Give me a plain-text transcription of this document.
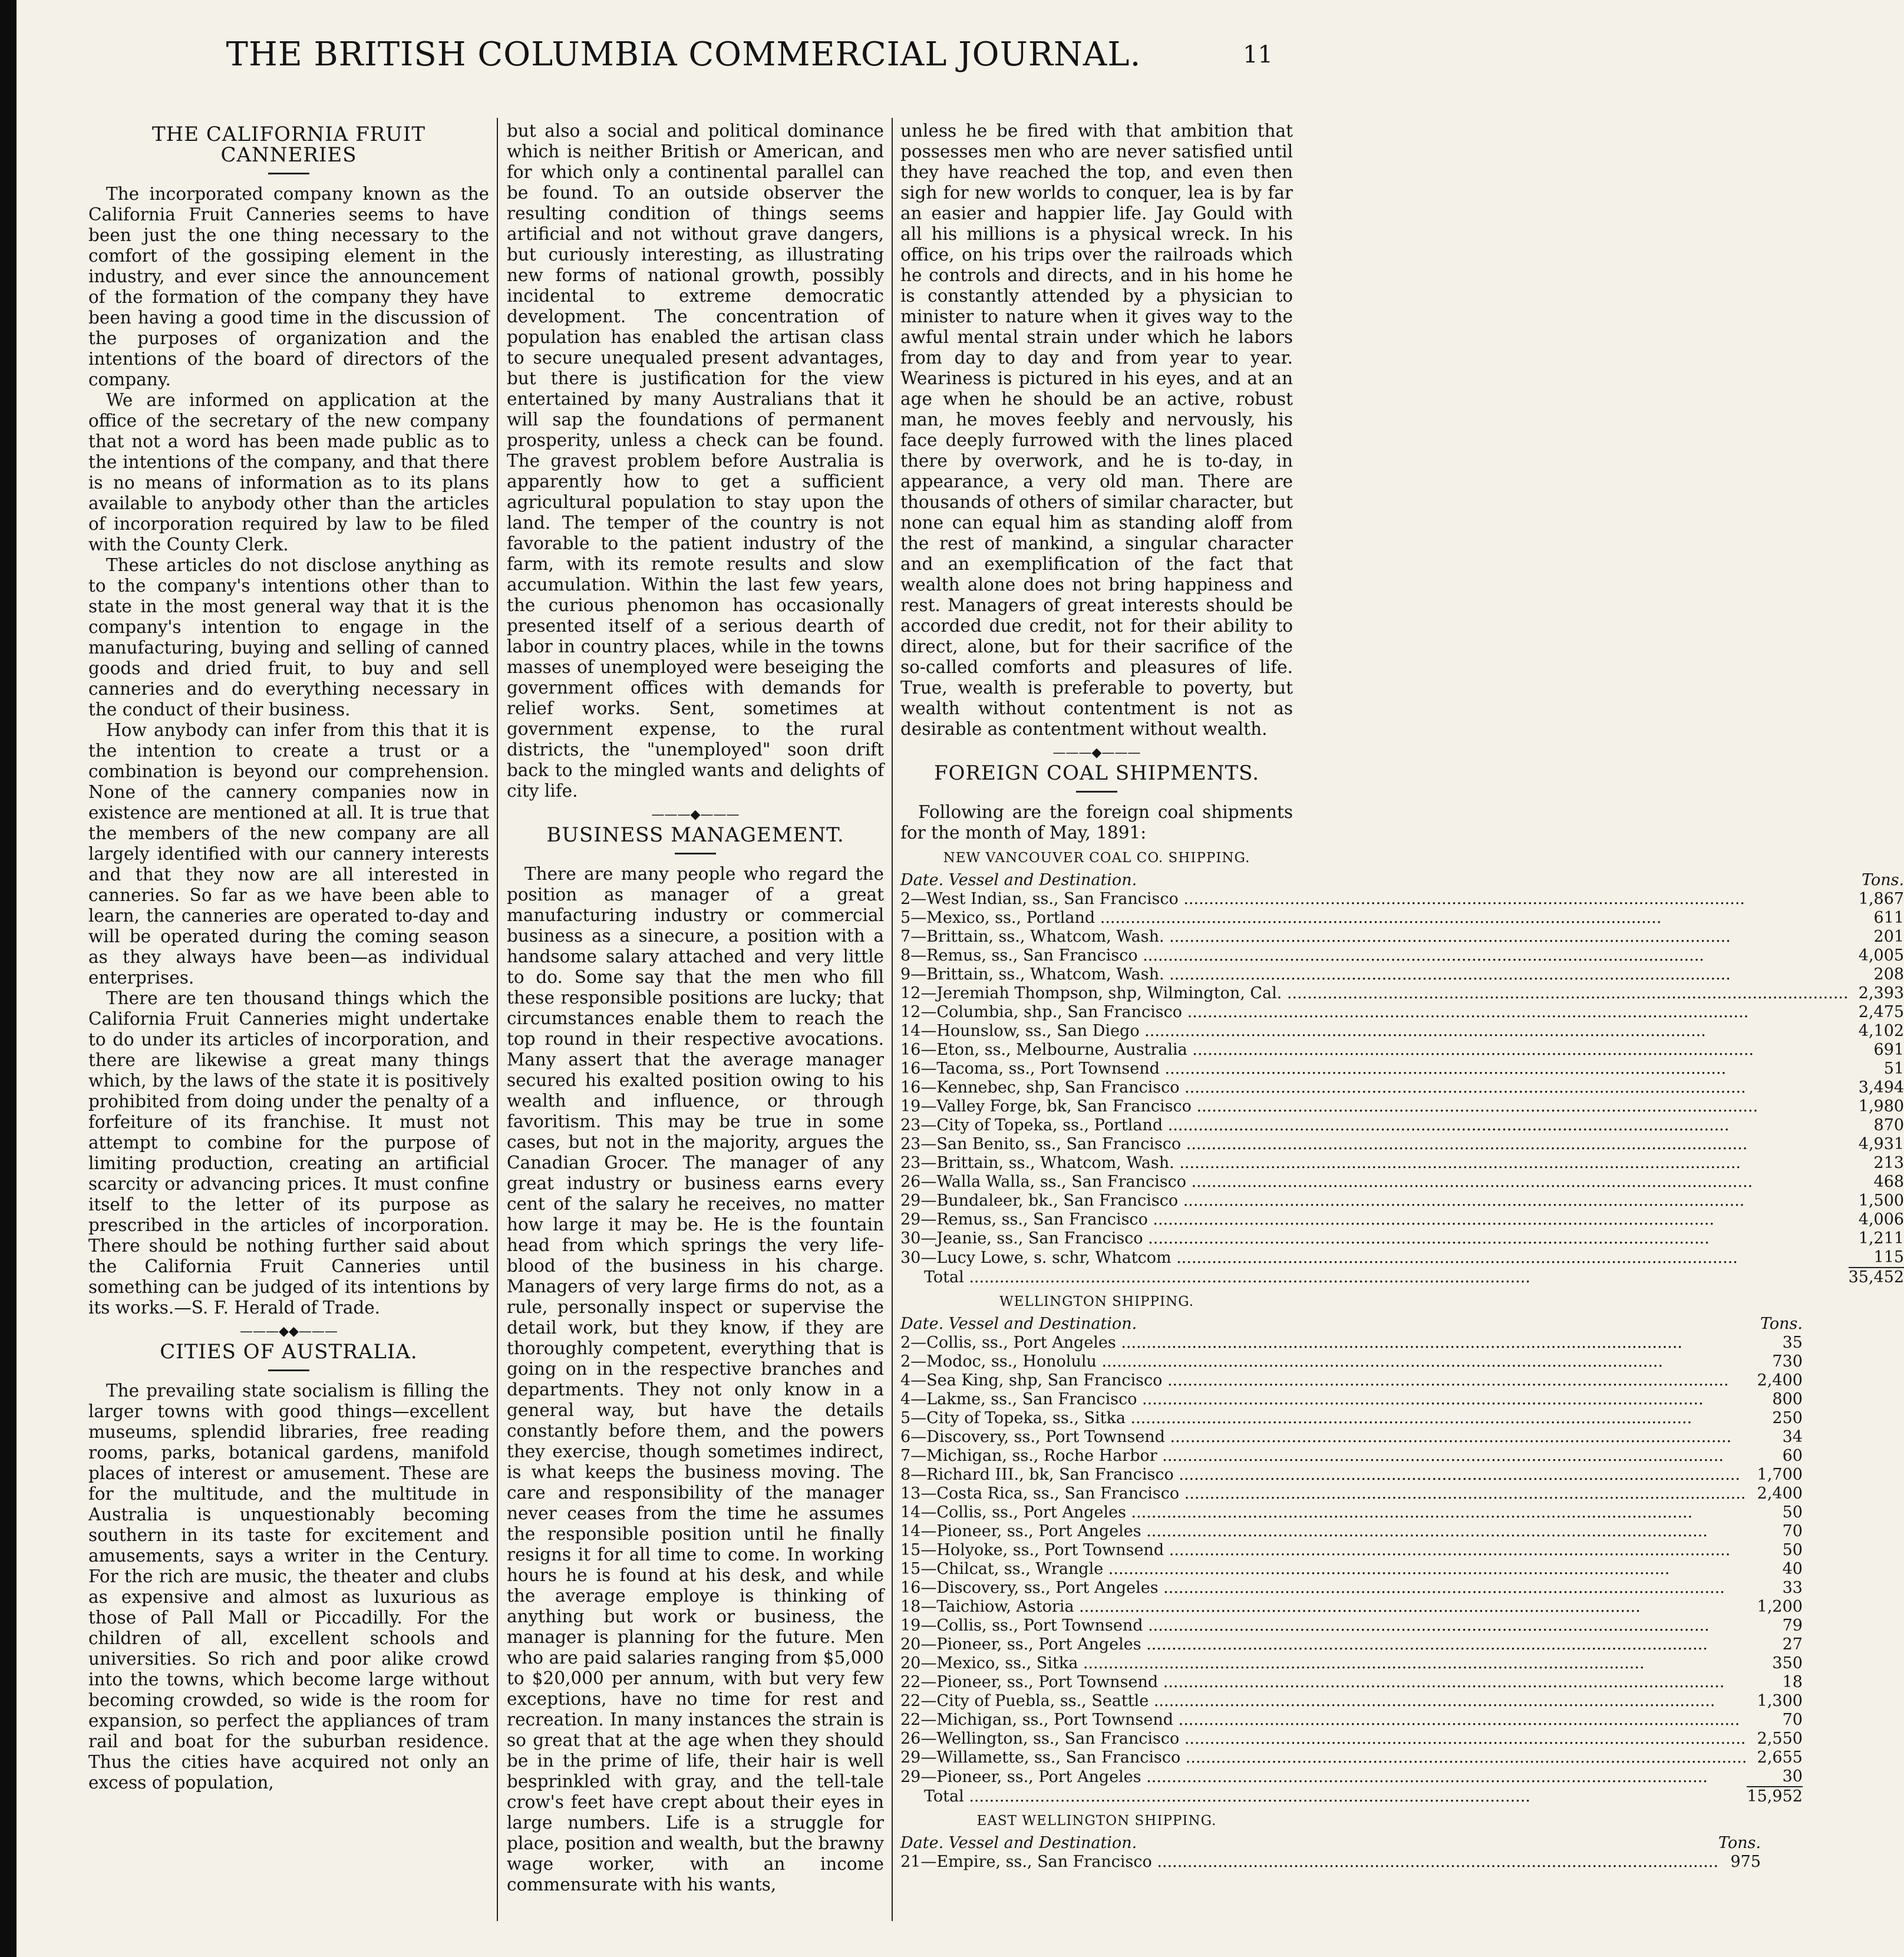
THE BRITISH COLUMBIA COMMERCIAL JOURNAL.	11
THE CALIFORNIA FRUIT CANNERIES

The incorporated company known as the California Fruit Canneries seems to have been just the one thing necessary to the comfort of the gossiping element in the industry, and ever since the announcement of the formation of the company they have been having a good time in the discussion of the purposes of organization and the intentions of the board of directors of the company.

We are informed on application at the office of the secretary of the new company that not a word has been made public as to the intentions of the company, and that there is no means of information as to its plans available to anybody other than the articles of incorporation required by law to be filed with the County Clerk.

These articles do not disclose anything as to the company's intentions other than to state in the most general way that it is the company's intention to engage in the manufacturing, buying and selling of canned goods and dried fruit, to buy and sell canneries and do everything necessary in the conduct of their business.

How anybody can infer from this that it is the intention to create a trust or a combination is beyond our comprehension. None of the cannery companies now in existence are mentioned at all. It is true that the members of the new company are all largely identified with our cannery interests and that they now are all interested in canneries. So far as we have been able to learn, the canneries are operated to-day and will be operated during the coming season as they always have been—as individual enterprises.

There are ten thousand things which the California Fruit Canneries might undertake to do under its articles of incorporation, and there are likewise a great many things which, by the laws of the state it is positively prohibited from doing under the penalty of a forfeiture of its franchise. It must not attempt to combine for the purpose of limiting production, creating an artificial scarcity or advancing prices. It must confine itself to the letter of its purpose as prescribed in the articles of incorporation. There should be nothing further said about the California Fruit Canneries until something can be judged of its intentions by its works.—S. F. Herald of Trade.

———◆◆———
CITIES OF AUSTRALIA.

The prevailing state socialism is filling the larger towns with good things—excellent museums, splendid libraries, free reading rooms, parks, botanical gardens, manifold places of interest or amusement. These are for the multitude, and the multitude in Australia is unquestionably becoming southern in its taste for excitement and amusements, says a writer in the Century. For the rich are music, the theater and clubs as expensive and almost as luxurious as those of Pall Mall or Piccadilly. For the children of all, excellent schools and universities. So rich and poor alike crowd into the towns, which become large without becoming crowded, so wide is the room for expansion, so perfect the appliances of tram rail and boat for the suburban residence. Thus the cities have acquired not only an excess of population,

but also a social and political dominance which is neither British or American, and for which only a continental parallel can be found. To an outside observer the resulting condition of things seems artificial and not without grave dangers, but curiously interesting, as illustrating new forms of national growth, possibly incidental to extreme democratic development. The concentration of population has enabled the artisan class to secure unequaled present advantages, but there is justification for the view entertained by many Australians that it will sap the foundations of permanent prosperity, unless a check can be found. The gravest problem before Australia is apparently how to get a sufficient agricultural population to stay upon the land. The temper of the country is not favorable to the patient industry of the farm, with its remote results and slow accumulation. Within the last few years, the curious phenomon has occasionally presented itself of a serious dearth of labor in country places, while in the towns masses of unemployed were beseiging the government offices with demands for relief works. Sent, sometimes at government expense, to the rural districts, the "unemployed" soon drift back to the mingled wants and delights of city life.

———◆———
BUSINESS MANAGEMENT.

There are many people who regard the position as manager of a great manufacturing industry or commercial business as a sinecure, a position with a handsome salary attached and very little to do. Some say that the men who fill these responsible positions are lucky; that circumstances enable them to reach the top round in their respective avocations. Many assert that the average manager secured his exalted position owing to his wealth and influence, or through favoritism. This may be true in some cases, but not in the majority, argues the Canadian Grocer. The manager of any great industry or business earns every cent of the salary he receives, no matter how large it may be. He is the fountain head from which springs the very life-blood of the business in his charge. Managers of very large firms do not, as a rule, personally inspect or supervise the detail work, but they know, if they are thoroughly competent, everything that is going on in the respective branches and departments. They not only know in a general way, but have the details constantly before them, and the powers they exercise, though sometimes indirect, is what keeps the business moving. The care and responsibility of the manager never ceases from the time he assumes the responsible position until he finally resigns it for all time to come. In working hours he is found at his desk, and while the average employe is thinking of anything but work or business, the manager is planning for the future. Men who are paid salaries ranging from $5,000 to $20,000 per annum, with but very few exceptions, have no time for rest and recreation. In many instances the strain is so great that at the age when they should be in the prime of life, their hair is well besprinkled with gray, and the tell-tale crow's feet have crept about their eyes in large numbers. Life is a struggle for place, position and wealth, but the brawny wage worker, with an income commensurate with his wants,

unless he be fired with that ambition that possesses men who are never satisfied until they have reached the top, and even then sigh for new worlds to conquer, lea is by far an easier and happier life. Jay Gould with all his millions is a physical wreck. In his office, on his trips over the railroads which he controls and directs, and in his home he is constantly attended by a physician to minister to nature when it gives way to the awful mental strain under which he labors from day to day and from year to year. Weariness is pictured in his eyes, and at an age when he should be an active, robust man, he moves feebly and nervously, his face deeply furrowed with the lines placed there by overwork, and he is to-day, in appearance, a very old man. There are thousands of others of similar character, but none can equal him as standing aloff from the rest of mankind, a singular character and an exemplification of the fact that wealth alone does not bring happiness and rest. Managers of great interests should be accorded due credit, not for their ability to direct, alone, but for their sacrifice of the so-called comforts and pleasures of life. True, wealth is preferable to poverty, but wealth without contentment is not as desirable as contentment without wealth.

———◆———
FOREIGN COAL SHIPMENTS.

Following are the foreign coal shipments for the month of May, 1891:

NEW VANCOUVER COAL CO. SHIPPING.
Date. Vessel and Destination.	Tons.
2—West Indian, ss., San Francisco .....	1,867
5—Mexico, ss., Portland .....	611
7—Brittain, ss., Whatcom, Wash. .....	201
8—Remus, ss., San Francisco .....	4,005
9—Brittain, ss., Whatcom, Wash. .....	208
12—Jeremiah Thompson, shp, Wilmington, Cal. .....	2,393
12—Columbia, shp., San Francisco .....	2,475
14—Hounslow, ss., San Diego .....	4,102
16—Eton, ss., Melbourne, Australia .....	691
16—Tacoma, ss., Port Townsend .....	51
16—Kennebec, shp, San Francisco .....	3,494
19—Valley Forge, bk, San Francisco .....	1,980
23—City of Topeka, ss., Portland .....	870
23—San Benito, ss., San Francisco .....	4,931
23—Brittain, ss., Whatcom, Wash. .....	213
26—Walla Walla, ss., San Francisco .....	468
29—Bundaleer, bk., San Francisco .....	1,500
29—Remus, ss., San Francisco .....	4,006
30—Jeanie, ss., San Francisco .....	1,211
30—Lucy Lowe, s. schr, Whatcom .....	115
Total .....	35,452
WELLINGTON SHIPPING.
Date. Vessel and Destination.	Tons.
2—Collis, ss., Port Angeles .....	35
2—Modoc, ss., Honolulu .....	730
4—Sea King, shp, San Francisco .....	2,400
4—Lakme, ss., San Francisco .....	800
5—City of Topeka, ss., Sitka .....	250
6—Discovery, ss., Port Townsend .....	34
7—Michigan, ss., Roche Harbor .....	60
8—Richard III., bk, San Francisco .....	1,700
13—Costa Rica, ss., San Francisco .....	2,400
14—Collis, ss., Port Angeles .....	50
14—Pioneer, ss., Port Angeles .....	70
15—Holyoke, ss., Port Townsend .....	50
15—Chilcat, ss., Wrangle .....	40
16—Discovery, ss., Port Angeles .....	33
18—Taichiow, Astoria .....	1,200
19—Collis, ss., Port Townsend .....	79
20—Pioneer, ss., Port Angeles .....	27
20—Mexico, ss., Sitka .....	350
22—Pioneer, ss., Port Townsend .....	18
22—City of Puebla, ss., Seattle .....	1,300
22—Michigan, ss., Port Townsend .....	70
26—Wellington, ss., San Francisco .....	2,550
29—Willamette, ss., San Francisco .....	2,655
29—Pioneer, ss., Port Angeles .....	30
Total .....	15,952
EAST WELLINGTON SHIPPING.
Date. Vessel and Destination.	Tons.
21—Empire, ss., San Francisco .....	975
